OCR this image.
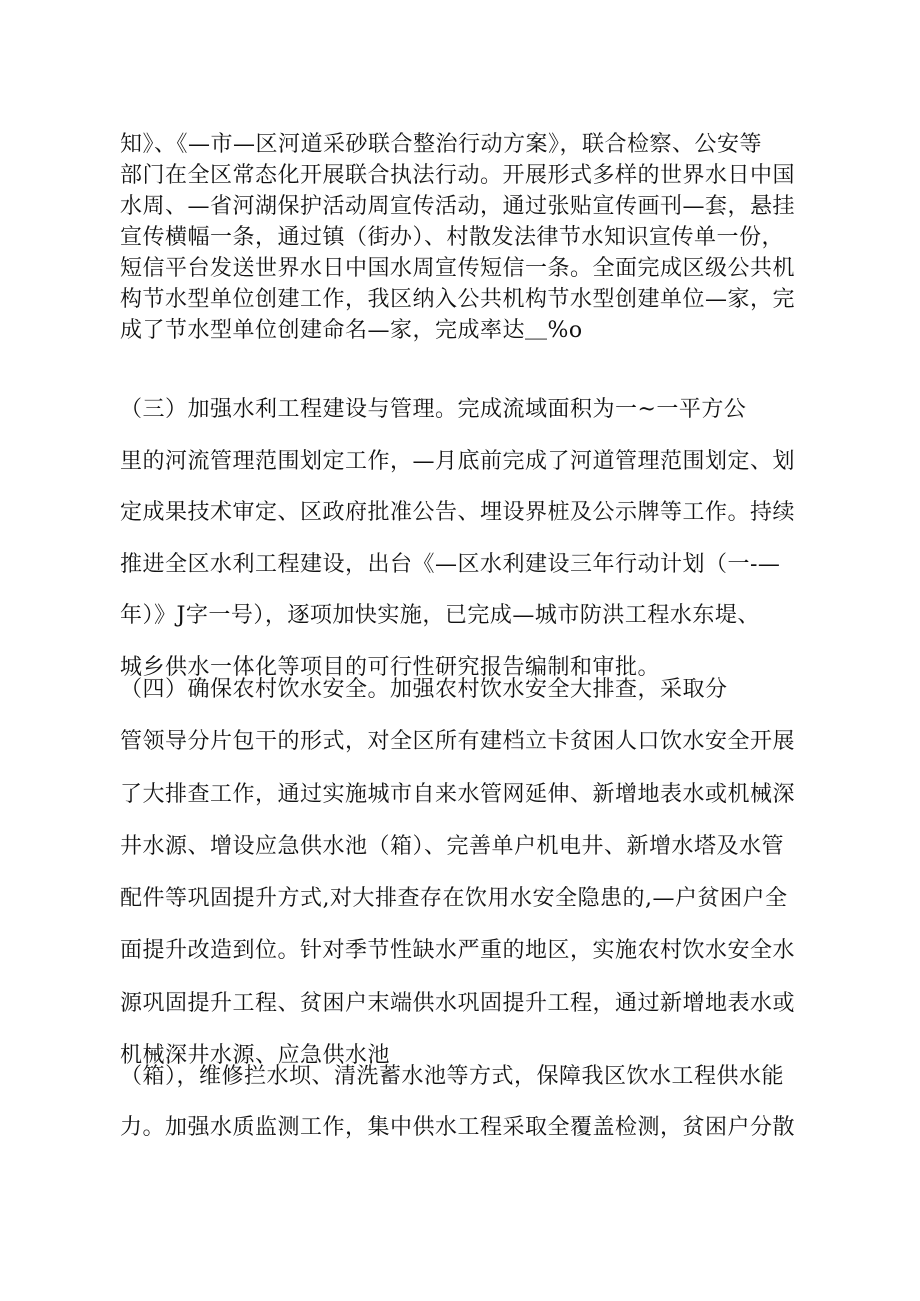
知》、《—市—区河道采砂联合整治行动方案》，联合检察、公安等
部门在全区常态化开展联合执法行动。开展形式多样的世界水日中国
水周、—省河湖保护活动周宣传活动，通过张贴宣传画刊—套，悬挂
宣传横幅一条，通过镇（街办）、村散发法律节水知识宣传单一份，
短信平台发送世界水日中国水周宣传短信一条。全面完成区级公共机
构节水型单位创建工作，我区纳入公共机构节水型创建单位—家，完
成了节水型单位创建命名—家，完成率达＿%o

（三）加强水利工程建设与管理。完成流域面积为一~一平方公
里的河流管理范围划定工作，—月底前完成了河道管理范围划定、划
定成果技术审定、区政府批准公告、埋设界桩及公示牌等工作。持续
推进全区水利工程建设，出台《—区水利建设三年行动计划（一-—
年）》J字一号），逐项加快实施，已完成—城市防洪工程水东堤、
城乡供水一体化等项目的可行性研究报告编制和审批。

（四）确保农村饮水安全。加强农村饮水安全大排查，采取分
管领导分片包干的形式，对全区所有建档立卡贫困人口饮水安全开展
了大排查工作，通过实施城市自来水管网延伸、新增地表水或机械深
井水源、增设应急供水池（箱）、完善单户机电井、新增水塔及水管
配件等巩固提升方式,对大排查存在饮用水安全隐患的,—户贫困户全
面提升改造到位。针对季节性缺水严重的地区，实施农村饮水安全水
源巩固提升工程、贫困户末端供水巩固提升工程，通过新增地表水或
机械深井水源、应急供水池

（箱），维修拦水坝、清洗蓄水池等方式，保障我区饮水工程供水能
力。加强水质监测工作，集中供水工程采取全覆盖检测，贫困户分散
